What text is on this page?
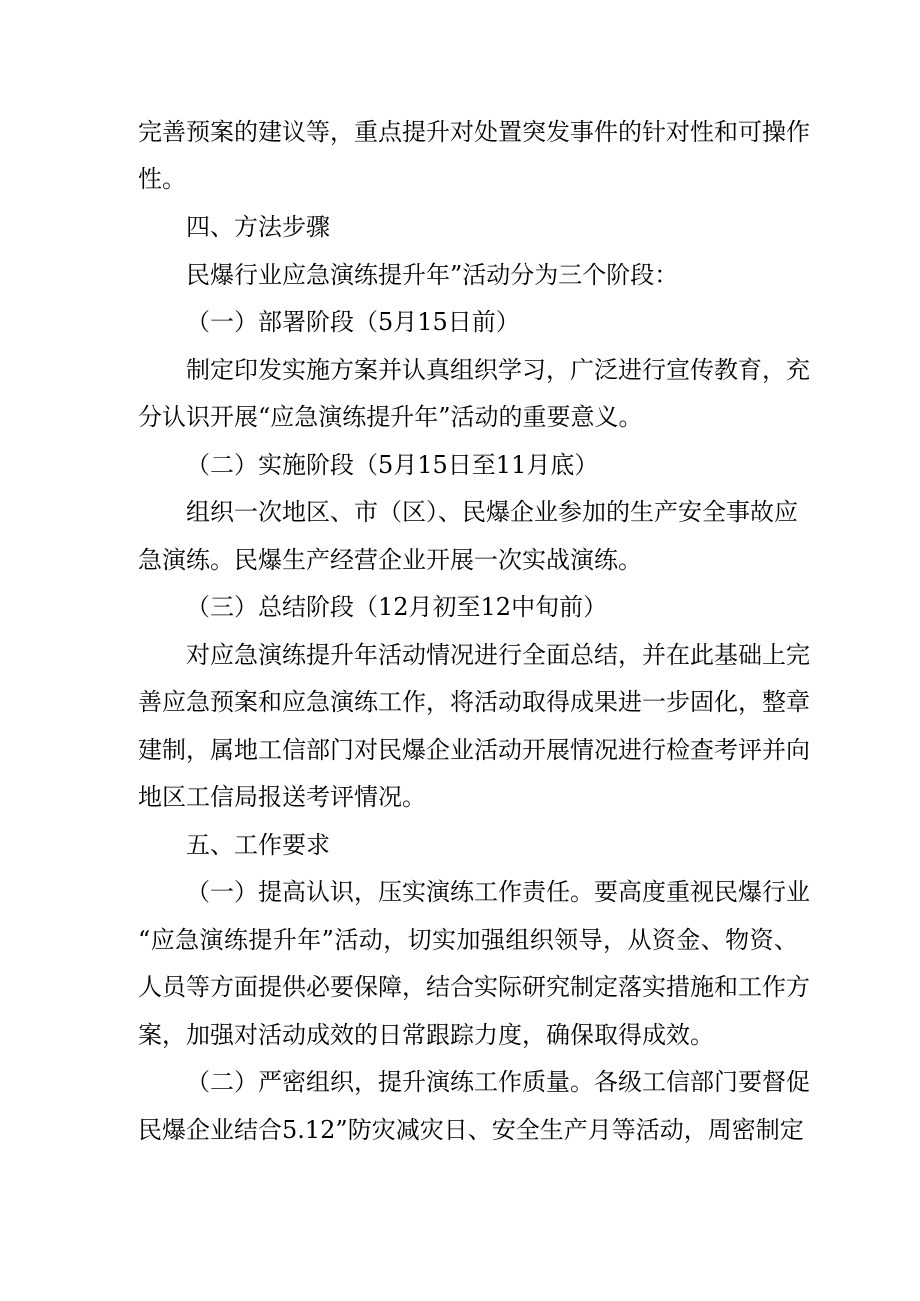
完善预案的建议等，重点提升对处置突发事件的针对性和可操作

性。

四、方法步骤

民爆行业应急演练提升年”活动分为三个阶段：

（一）部署阶段（5月15日前）

制定印发实施方案并认真组织学习，广泛进行宣传教育，充

分认识开展“应急演练提升年”活动的重要意义。

（二）实施阶段（5月15日至11月底）

组织一次地区、市（区）、民爆企业参加的生产安全事故应

急演练。民爆生产经营企业开展一次实战演练。

（三）总结阶段（12月初至12中旬前）

对应急演练提升年活动情况进行全面总结，并在此基础上完

善应急预案和应急演练工作，将活动取得成果进一步固化，整章

建制，属地工信部门对民爆企业活动开展情况进行检查考评并向

地区工信局报送考评情况。

五、工作要求

（一）提高认识，压实演练工作责任。要高度重视民爆行业

“应急演练提升年”活动，切实加强组织领导，从资金、物资、

人员等方面提供必要保障，结合实际研究制定落实措施和工作方

案，加强对活动成效的日常跟踪力度，确保取得成效。

（二）严密组织，提升演练工作质量。各级工信部门要督促

民爆企业结合5.12”防灾减灾日、安全生产月等活动，周密制定
